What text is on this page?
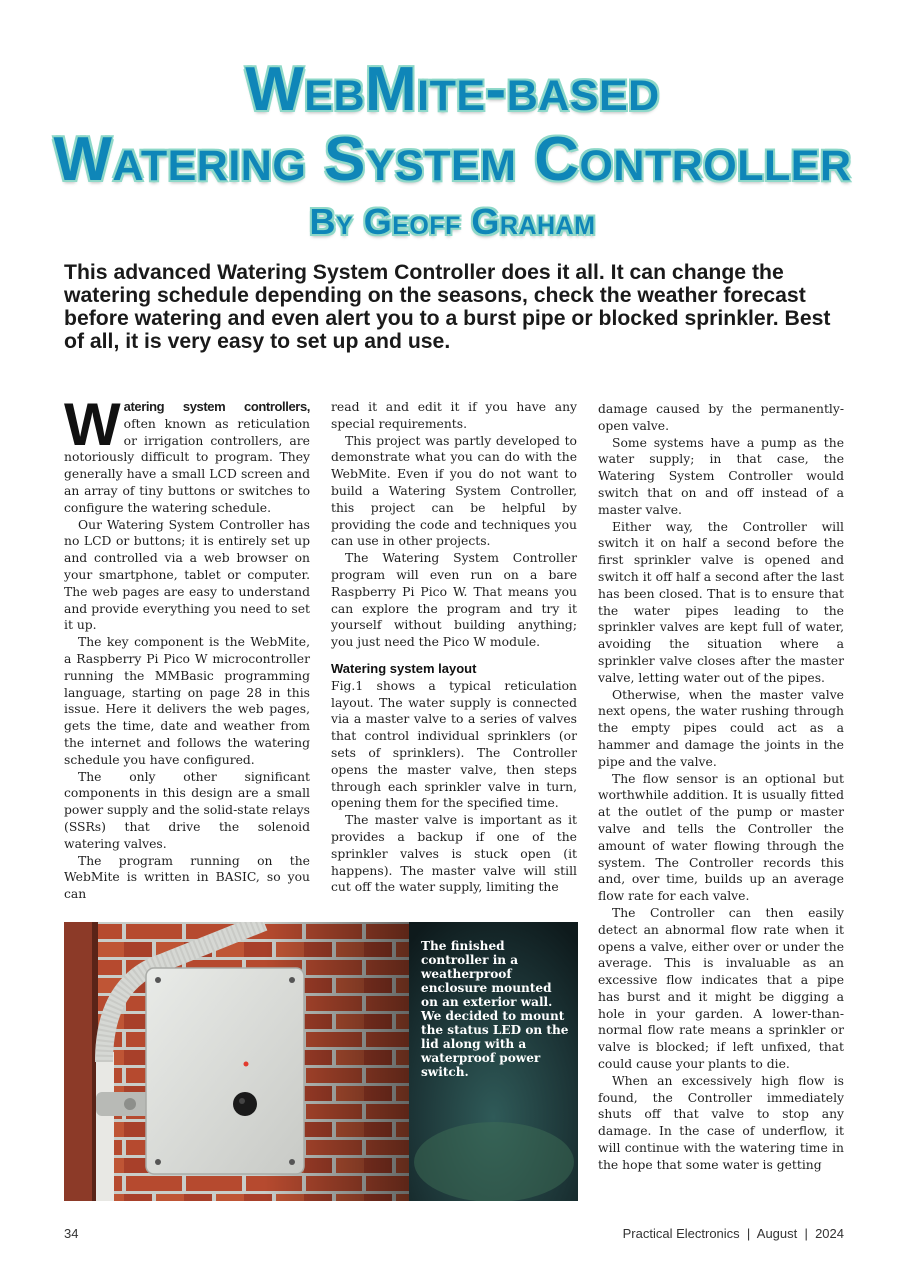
WebMite-based
Watering System Controller
By Geoff Graham

This advanced Watering System Controller does it all. It can change the watering schedule depending on the seasons, check the weather forecast before watering and even alert you to a burst pipe or blocked sprinkler. Best of all, it is very easy to set up and use.

Watering system controllers, often known as reticulation or irrigation controllers, are notoriously difficult to program. They generally have a small LCD screen and an array of tiny buttons or switches to configure the watering schedule.

Our Watering System Controller has no LCD or buttons; it is entirely set up and controlled via a web browser on your smartphone, tablet or computer. The web pages are easy to understand and provide everything you need to set it up.

The key component is the WebMite, a Raspberry Pi Pico W microcontroller running the MMBasic programming language, starting on page 28 in this issue. Here it delivers the web pages, gets the time, date and weather from the internet and follows the watering schedule you have configured.

The only other significant components in this design are a small power supply and the solid-state relays (SSRs) that drive the solenoid watering valves.

The program running on the WebMite is written in BASIC, so you can

read it and edit it if you have any special requirements.

This project was partly developed to demonstrate what you can do with the WebMite. Even if you do not want to build a Watering System Controller, this project can be helpful by providing the code and techniques you can use in other projects.

The Watering System Controller program will even run on a bare Raspberry Pi Pico W. That means you can explore the program and try it yourself without building anything; you just need the Pico W module.

Watering system layout

Fig.1 shows a typical reticulation layout. The water supply is connected via a master valve to a series of valves that control individual sprinklers (or sets of sprinklers). The Controller opens the master valve, then steps through each sprinkler valve in turn, opening them for the specified time.

The master valve is important as it provides a backup if one of the sprinkler valves is stuck open (it happens). The master valve will still cut off the water supply, limiting the

damage caused by the permanently-open valve.

Some systems have a pump as the water supply; in that case, the Watering System Controller would switch that on and off instead of a master valve.

Either way, the Controller will switch it on half a second before the first sprinkler valve is opened and switch it off half a second after the last has been closed. That is to ensure that the water pipes leading to the sprinkler valves are kept full of water, avoiding the situation where a sprinkler valve closes after the master valve, letting water out of the pipes.

Otherwise, when the master valve next opens, the water rushing through the empty pipes could act as a hammer and damage the joints in the pipe and the valve.

The flow sensor is an optional but worthwhile addition. It is usually fitted at the outlet of the pump or master valve and tells the Controller the amount of water flowing through the system. The Controller records this and, over time, builds up an average flow rate for each valve.

The Controller can then easily detect an abnormal flow rate when it opens a valve, either over or under the average. This is invaluable as an excessive flow indicates that a pipe has burst and it might be digging a hole in your garden. A lower-than-normal flow rate means a sprinkler or valve is blocked; if left unfixed, that could cause your plants to die.

When an excessively high flow is found, the Controller immediately shuts off that valve to stop any damage. In the case of underflow, it will continue with the watering time in the hope that some water is getting

The finished controller in a weatherproof enclosure mounted on an exterior wall. We decided to mount the status LED on the lid along with a waterproof power switch.

34	Practical Electronics  |  August  |  2024
